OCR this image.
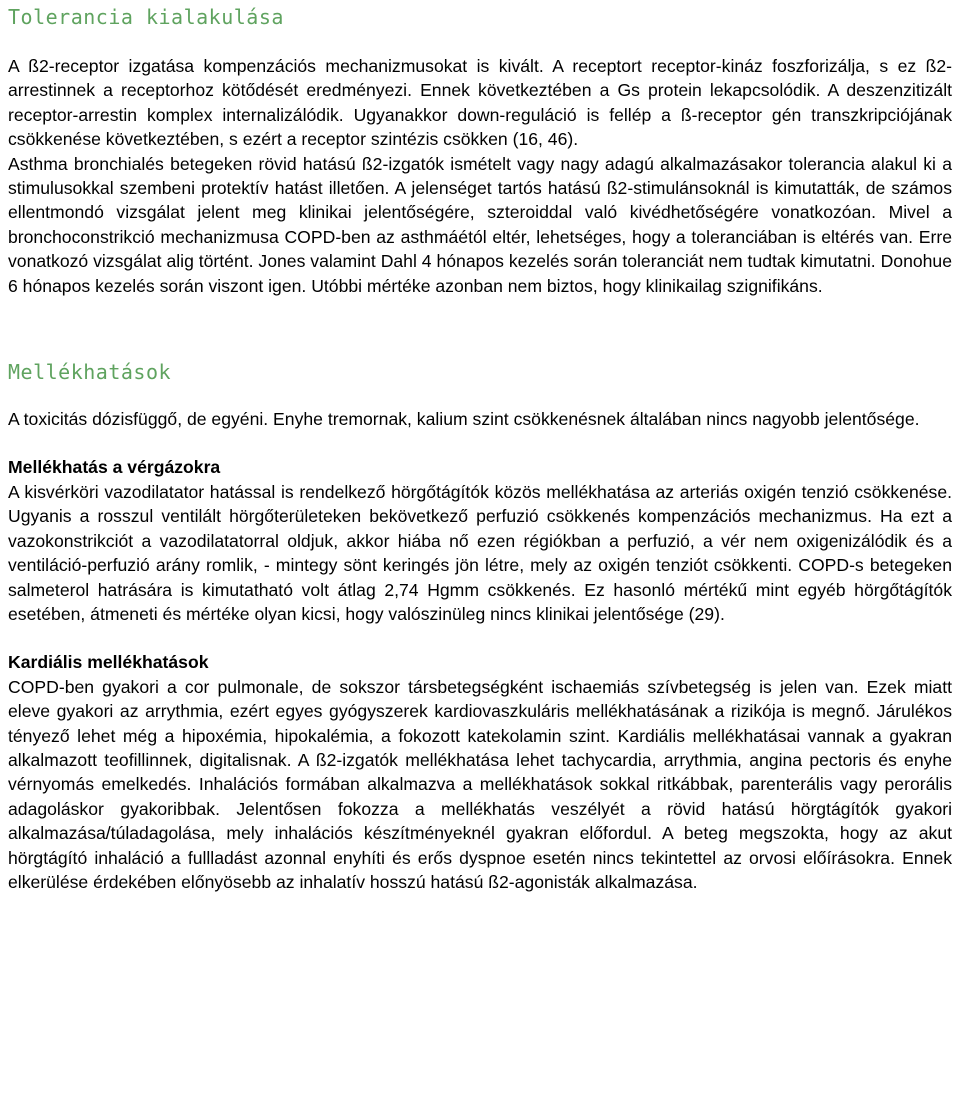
Tolerancia kialakulása

A ß2-receptor izgatása kompenzációs mechanizmusokat is kivált. A receptort receptor-kináz foszforizálja, s ez ß2-arrestinnek a receptorhoz kötődését eredményezi. Ennek következtében a Gs protein lekapcsolódik. A deszenzitizált receptor-arrestin komplex internalizálódik. Ugyanakkor down-reguláció is fellép a ß-receptor gén transzkripciójának csökkenése következtében, s ezért a receptor szintézis csökken (16, 46).

Asthma bronchialés betegeken rövid hatású ß2-izgatók ismételt vagy nagy adagú alkalmazásakor tolerancia alakul ki a stimulusokkal szembeni protektív hatást illetően. A jelenséget tartós hatású ß2-stimulánsoknál is kimutatták, de számos ellentmondó vizsgálat jelent meg klinikai jelentőségére, szteroiddal való kivédhetőségére vonatkozóan. Mivel a bronchoconstrikció mechanizmusa COPD-ben az asthmáétól eltér, lehetséges, hogy a toleranciában is eltérés van. Erre vonatkozó vizsgálat alig történt. Jones valamint Dahl 4 hónapos kezelés során toleranciát nem tudtak kimutatni. Donohue 6 hónapos kezelés során viszont igen. Utóbbi mértéke azonban nem biztos, hogy klinikailag szignifikáns.

Mellékhatások

A toxicitás dózisfüggő, de egyéni. Enyhe tremornak, kalium szint csökkenésnek általában nincs nagyobb jelentősége.

Mellékhatás a vérgázokra

A kisvérköri vazodilatator hatással is rendelkező hörgőtágítók közös mellékhatása az arteriás oxigén tenzió csökkenése. Ugyanis a rosszul ventilált hörgőterületeken bekövetkező perfuzió csökkenés kompenzációs mechanizmus. Ha ezt a vazokonstrikciót a vazodilatatorral oldjuk, akkor hiába nő ezen régiókban a perfuzió, a vér nem oxigenizálódik és a ventiláció-perfuzió arány romlik, - mintegy sönt keringés jön létre, mely az oxigén tenziót csökkenti. COPD-s betegeken salmeterol hatrására is kimutatható volt átlag 2,74 Hgmm csökkenés. Ez hasonló mértékű mint egyéb hörgőtágítók esetében, átmeneti és mértéke olyan kicsi, hogy valószinüleg nincs klinikai jelentősége (29).

Kardiális mellékhatások

COPD-ben gyakori a cor pulmonale, de sokszor társbetegségként ischaemiás szívbetegség is jelen van. Ezek miatt eleve gyakori az arrythmia, ezért egyes gyógyszerek kardiovaszkuláris mellékhatásának a rizikója is megnő. Járulékos tényező lehet még a hipoxémia, hipokalémia, a fokozott katekolamin szint. Kardiális mellékhatásai vannak a gyakran alkalmazott teofillinnek, digitalisnak. A ß2-izgatók mellékhatása lehet tachycardia, arrythmia, angina pectoris és enyhe vérnyomás emelkedés. Inhalációs formában alkalmazva a mellékhatások sokkal ritkábbak, parenterális vagy perorális adagoláskor gyakoribbak. Jelentősen fokozza a mellékhatás veszélyét a rövid hatású hörgtágítók gyakori alkalmazása/túladagolása, mely inhalációs készítményeknél gyakran előfordul. A beteg megszokta, hogy az akut hörgtágító inhaláció a fullladást azonnal enyhíti és erős dyspnoe esetén nincs tekintettel az orvosi előírásokra. Ennek elkerülése érdekében előnyösebb az inhalatív hosszú hatású ß2-agonisták alkalmazása.
